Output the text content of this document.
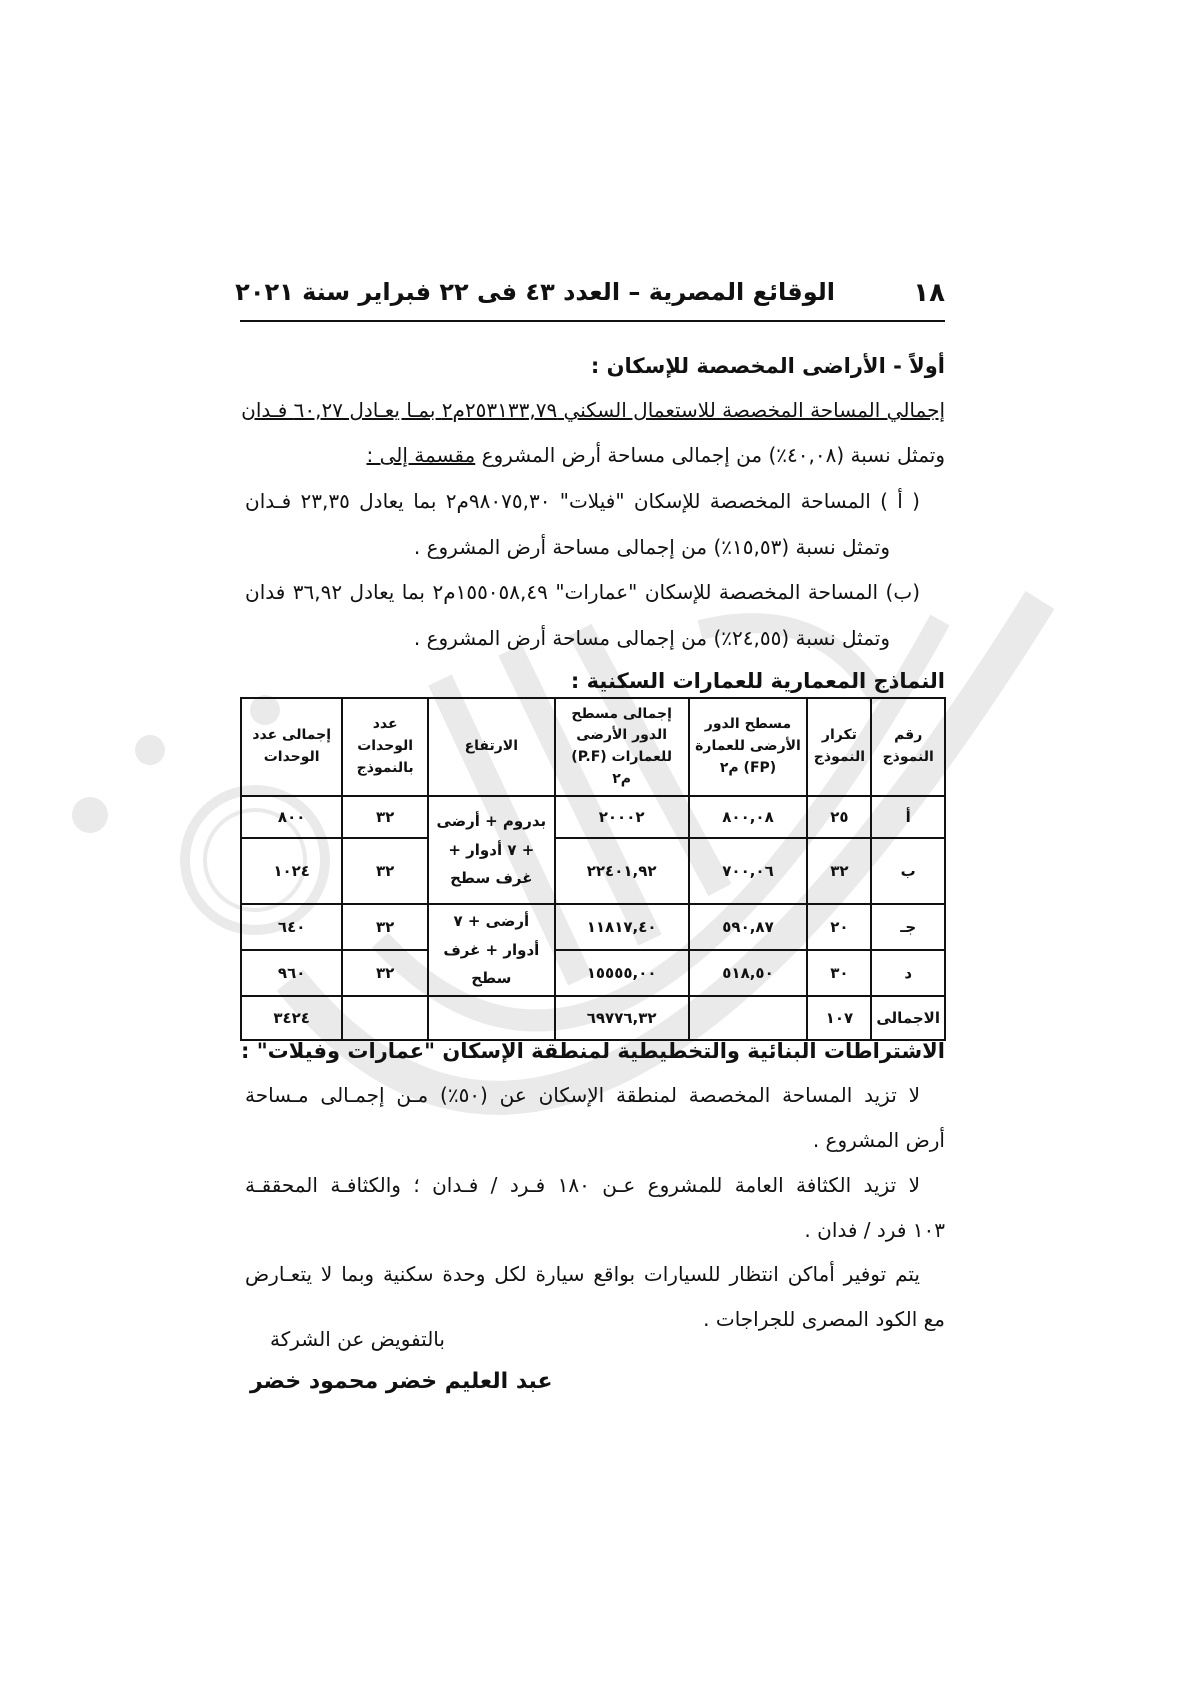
١٨
الوقائع المصرية – العدد ٤٣ فى ٢٢ فبراير سنة ٢٠٢١
أولاً - الأراضى المخصصة للإسكان :
إجمالي المساحة المخصصة للاستعمال السكني ٢٥٣١٣٣,٧٩م٢ بمـا يعـادل ٦٠,٢٧ فـدان
وتمثل نسبة (٤٠,٠٨٪) من إجمالى مساحة أرض المشروع مقسمة إلى :
( أ ) المساحة المخصصة للإسكان "فيلات" ٩٨٠٧٥,٣٠م٢ بما يعادل ٢٣,٣٥ فـدان
وتمثل نسبة (١٥,٥٣٪) من إجمالى مساحة أرض المشروع .
(ب) المساحة المخصصة للإسكان "عمارات" ١٥٥٠٥٨,٤٩م٢ بما يعادل ٣٦,٩٢ فدان
وتمثل نسبة (٢٤,٥٥٪) من إجمالى مساحة أرض المشروع .
النماذج المعمارية للعمارات السكنية :
رقم النموذج	تكرار النموذج	مسطح الدور الأرضى للعمارة (FP) م٢	إجمالى مسطح الدور الأرضى للعمارات (P.F) م٢	الارتفاع	عدد الوحدات بالنموذج	إجمالى عدد الوحدات
أ	٢٥	٨٠٠,٠٨	٢٠٠٠٢	بدروم + أرضى + ٧ أدوار + غرف سطح	٣٢	٨٠٠
ب	٣٢	٧٠٠,٠٦	٢٢٤٠١,٩٢		٣٢	١٠٢٤
جـ	٢٠	٥٩٠,٨٧	١١٨١٧,٤٠	أرضى + ٧ أدوار + غرف سطح	٣٢	٦٤٠
د	٣٠	٥١٨,٥٠	١٥٥٥٥,٠٠		٣٢	٩٦٠
الاجمالى	١٠٧		٦٩٧٧٦,٣٢			٣٤٢٤
الاشتراطات البنائية والتخطيطية لمنطقة الإسكان "عمارات وفيلات" :
لا تزيد المساحة المخصصة لمنطقة الإسكان عن (٥٠٪) مـن إجمـالى مـساحة
أرض المشروع .
لا تزيد الكثافة العامة للمشروع عـن ١٨٠ فـرد / فـدان ؛ والكثافـة المحققـة
١٠٣ فرد / فدان .
يتم توفير أماكن انتظار للسيارات بواقع سيارة لكل وحدة سكنية وبما لا يتعـارض
مع الكود المصرى للجراجات .
بالتفويض عن الشركة
عبد العليم خضر محمود خضر
